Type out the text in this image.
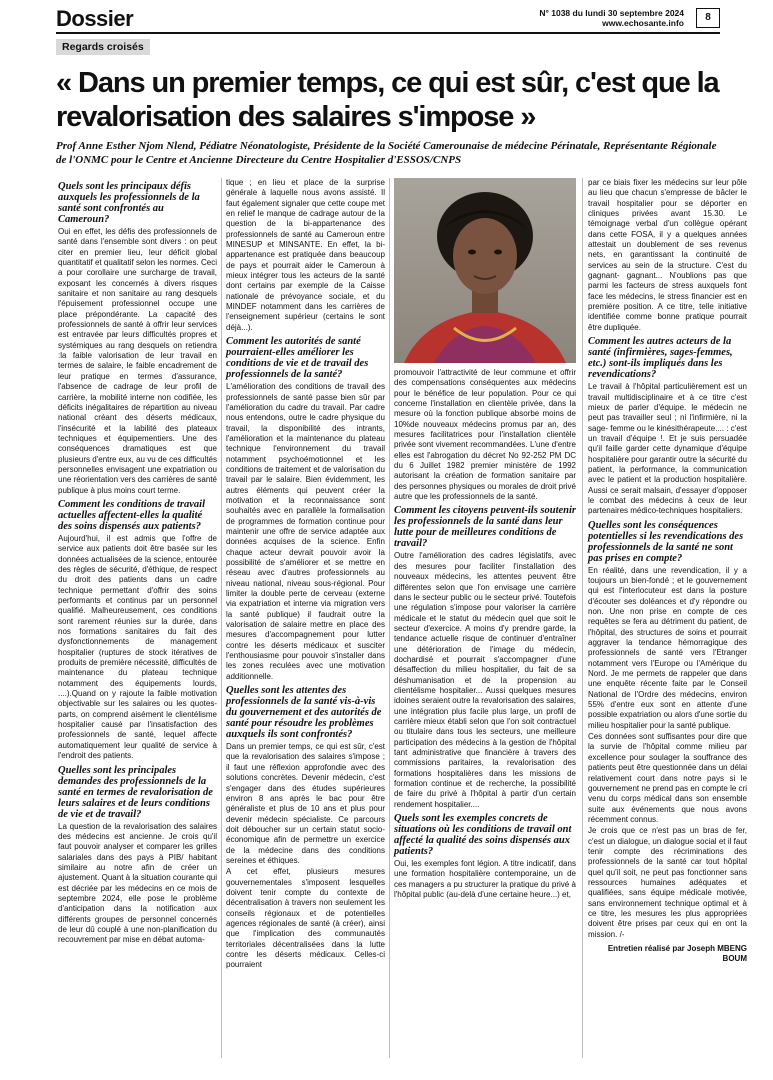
Dossier	N° 1038 du lundi 30 septembre 2024
www.echosante.info	8
Regards croisés
« Dans un premier temps, ce qui est sûr, c'est que la revalorisation des salaires s'impose »
Prof Anne Esther Njom Nlend, Pédiatre Néonatologiste, Présidente de la Société Camerounaise de médecine Périnatale, Représentante Régionale de l'ONMC pour le Centre et Ancienne Directeure du Centre Hospitalier d'ESSOS/CNPS
Quels sont les principaux défis auxquels les professionnels de la santé sont confrontés au Cameroun?

Oui en effet, les défis des professionnels de santé dans l'ensemble sont divers : on peut citer en premier lieu, leur déficit global quantitatif et qualitatif selon les normes. Ceci a pour corollaire une surcharge de travail, exposant les concernés à divers risques sanitaire et non sanitaire au rang desquels l'épuisement professionnel occupe une place prépondérante. La capacité des professionnels de santé à offrir leur services est entravée par leurs difficultés propres et systémiques au rang desquels on retiendra :la faible valorisation de leur travail en termes de salaire, le faible encadrement de leur pratique en termes d'assurance, l'absence de cadrage de leur profil de carrière, la mobilité interne non codifiée, les déficits inégalitaires de répartition au niveau national créant des déserts médicaux, l'insécurité et la labilité des plateaux techniques et équipementiers. Une des conséquences dramatiques est que plusieurs d'entre eux, au vu de ces difficultés personnelles envisagent une expatriation ou une réorientation vers des carrières de santé publique à plus moins court terme.

Comment les conditions de travail actuelles affectent-elles la qualité des soins dispensés aux patients?

Aujourd'hui, il est admis que l'offre de service aux patients doit être basée sur les données actualisées de la science, entourée des règles de sécurité, d'éthique, de respect du droit des patients dans un cadre technique permettant d'offrir des soins performants et continus par un personnel qualifié. Malheureusement, ces conditions sont rarement réunies sur la durée, dans nos formations sanitaires du fait des dysfonctionnements de management hospitalier (ruptures de stock itératives de produits de première nécessité, difficultés de maintenance du plateau technique notamment des équipements lourds, ....).Quand on y rajoute la faible motivation objectivable sur les salaires ou les quotes-parts, on comprend aisément le clientélisme hospitalier causé par l'insatisfaction des professionnels de santé, lequel affecte automatiquement leur qualité de service à l'endroit des patients.

Quelles sont les principales demandes des professionnels de la santé en termes de revalorisation de leurs salaires et de leurs conditions de vie et de travail?

La question de la revalorisation des salaires des médecins est ancienne. Je crois qu'il faut pouvoir analyser et comparer les grilles salariales dans des pays à PIB/ habitant similaire au notre afin de créer un ajustement. Quant à la situation courante qui est décriée par les médecins en ce mois de septembre 2024, elle pose le problème d'anticipation dans la notification aux différents groupes de personnel concernés de leur dû couplé à une non-planification du recouvrement par mise en débat automa-

tique ; en lieu et place de la surprise générale à laquelle nous avons assisté. Il faut également signaler que cette coupe met en relief le manque de cadrage autour de la question de la bi-appartenance des professionnels de santé au Cameroun entre MINESUP et MINSANTE. En effet, la bi-appartenance est pratiquée dans beaucoup de pays et pourrait aider le Cameroun à mieux intégrer tous les acteurs de la santé dont certains par exemple de la Caisse nationale de prévoyance sociale, et du MINDEF notamment dans les carrières de l'enseignement supérieur (certains le sont déjà...).

Comment les autorités de santé pourraient-elles améliorer les conditions de vie et de travail des professionnels de la santé?

L'amélioration des conditions de travail des professionnels de santé passe bien sûr par l'amélioration du cadre du travail. Par cadre nous entendons, outre le cadre physique du travail, la disponibilité des intrants, l'amélioration et la maintenance du plateau technique l'environnement du travail notamment psychoémotionnel et les conditions de traitement et de valorisation du travail par le salaire. Bien évidemment, les autres éléments qui peuvent créer la motivation et la reconnaissance sont souhaités avec en parallèle la formalisation de programmes de formation continue pour maintenir une offre de service adaptée aux données acquises de la science. Enfin chaque acteur devrait pouvoir avoir la possibilité de s'améliorer et se mettre en réseau avec d'autres professionnels au niveau national, niveau sous-régional. Pour limiter la double perte de cerveau (externe via expatriation et interne via migration vers la santé publique) il faudrait outre la valorisation de salaire mettre en place des mesures d'accompagnement pour lutter contre les déserts médicaux et susciter l'enthousiasme pour pouvoir s'installer dans les zones reculées avec une motivation additionnelle.

Quelles sont les attentes des professionnels de la santé vis-à-vis du gouvernement et des autorités de santé pour résoudre les problèmes auxquels ils sont confrontés?

Dans un premier temps, ce qui est sûr, c'est que la revalorisation des salaires s'impose ; il faut une réflexion approfondie avec des solutions concrètes. Devenir médecin, c'est s'engager dans des études supérieures environ 8 ans après le bac pour être généraliste et plus de 10 ans et plus pour devenir médecin spécialiste. Ce parcours doit déboucher sur un certain statut socio-économique afin de permettre un exercice de la médecine dans des conditions sereines et éthiques.

A cet effet, plusieurs mesures gouvernementales s'imposent lesquelles doivent tenir compte du contexte de décentralisation à travers non seulement les conseils régionaux et de potentielles agences régionales de santé (à créer), ainsi que l'implication des communautés territoriales décentralisées dans la lutte contre les déserts médicaux. Celles-ci pourraient

promouvoir l'attractivité de leur commune et offrir des compensations conséquentes aux médecins pour le bénéfice de leur population. Pour ce qui concerne l'installation en clientèle privée, dans la mesure où la fonction publique absorbe moins de 10%de nouveaux médecins promus par an, des mesures facilitatrices pour l'installation clientèle privée sont vivement recommandées. L'une d'entre elles est l'abrogation du décret No 92-252 PM DC du 6 Juillet 1982 premier ministère de 1992 autorisant la création de formation sanitaire par des personnes physiques ou morales de droit privé autre que les professionnels de la santé.

Comment les citoyens peuvent-ils soutenir les professionnels de la santé dans leur lutte pour de meilleures conditions de travail?

Outre l'amélioration des cadres législatifs, avec des mesures pour faciliter l'installation des nouveaux médecins, les attentes peuvent être différentes selon que l'on envisage une carrière dans le secteur public ou le secteur privé. Toutefois une régulation s'impose pour valoriser la carrière médicale et le statut du médecin quel que soit le secteur d'exercice. A moins d'y prendre garde, la tendance actuelle risque de continuer d'entraîner une détérioration de l'image du médecin, dochardisé et pourrait s'accompagner d'une désaffection du milieu hospitalier, du fait de sa déshumanisation et de la propension au clientélisme hospitalier... Aussi quelques mesures idoines seraient outre la revalorisation des salaires, une intégration plus facile plus large, un profil de carrière mieux établi selon que l'on soit contractuel ou titulaire dans tous les secteurs, une meilleure participation des médecins à la gestion de l'hôpital tant administrative que financière à travers des commissions paritaires, la revalorisation des formations hospitalières dans les missions de formation continue et de recherche, la possibilité de faire du privé à l'hôpital à partir d'un certain rendement hospitalier....

Quels sont les exemples concrets de situations où les conditions de travail ont affecté la qualité des soins dispensés aux patients?

Oui, les exemples font légion. A titre indicatif, dans une formation hospitalière contemporaine, un de ces managers a pu structurer la pratique du privé à l'hôpital public (au-delà d'une certaine heure...) et,

par ce biais fixer les médecins sur leur pôle au lieu que chacun s'empresse de bâcler le travail hospitalier pour se déporter en cliniques privées avant 15.30. Le témoignage verbal d'un collègue opérant dans cette FOSA, il y a quelques années attestait un doublement de ses revenus nets, en garantissant la continuité de services au sein de la structure. C'est du gagnant- gagnant... N'oublions pas que parmi les facteurs de stress auxquels font face les médecins, le stress financier est en première position. A ce titre, telle initiative identifiée comme bonne pratique pourrait être dupliquée.

Comment les autres acteurs de la santé (infirmières, sages-femmes, etc.) sont-ils impliqués dans les revendications?

Le travail à l'hôpital particulièrement est un travail multidisciplinaire et à ce titre c'est mieux de parler d'équipe. le médecin ne peut pas travailler seul ; ni l'infirmière, ni la sage- femme ou le kinésithérapeute.... : c'est un travail d'équipe !. Et je suis persuadée qu'il faille garder cette dynamique d'équipe hospitalière pour garantir outre la sécurité du patient, la performance, la communication avec le patient et la production hospitalière. Aussi ce serait malsain, d'essayer d'opposer le combat des médecins à ceux de leur partenaires médico-techniques hospitaliers.

Quelles sont les conséquences potentielles si les revendications des professionnels de la santé ne sont pas prises en compte?

En réalité, dans une revendication, il y a toujours un bien-fondé ; et le gouvernement qui est l'interlocuteur est dans la posture d'écouter ses doléances et d'y répondre ou non. Une non prise en compte de ces requêtes se fera au détriment du patient, de l'hôpital, des structures de soins et pourrait aggraver la tendance hémorragique des professionnels de santé vers l'Etranger notamment vers l'Europe ou l'Amérique du Nord. Je me permets de rappeler que dans une enquête récente faite par le Conseil National de l'Ordre des médecins, environ 55% d'entre eux sont en attente d'une possible expatriation ou alors d'une sortie du milieu hospitalier pour la santé publique.

Ces données sont suffisantes pour dire que la survie de l'hôpital comme milieu par excellence pour soulager la souffrance des patients peut être questionnée dans un délai relativement court dans notre pays si le gouvernement ne prend pas en compte le cri venu du corps médical dans son ensemble suite aux événements que nous avons récemment connus.

Je crois que ce n'est pas un bras de fer, c'est un dialogue, un dialogue social et il faut tenir compte des récriminations des professionnels de la santé car tout hôpital quel qu'il soit, ne peut pas fonctionner sans ressources humaines adéquates et qualifiées, sans équipe médicale motivée, sans environnement technique optimal et à ce titre, les mesures les plus appropriées doivent être prises par ceux qui en ont la mission. /-

Entretien réalisé par Joseph MBENG BOUM
